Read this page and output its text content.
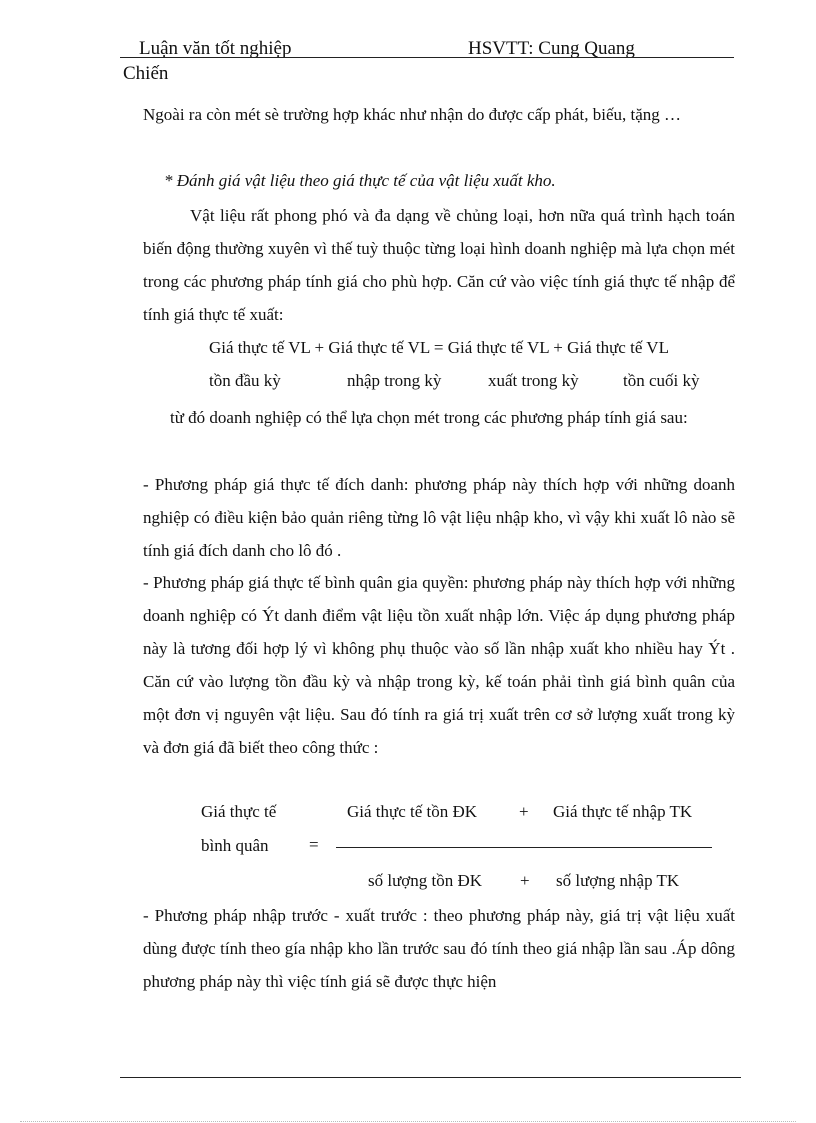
Luận văn tốt nghiệp	HSVTT: Cung Quang
Chiến

Ngoài ra còn mét sè trường hợp khác như nhận do được cấp phát, biếu, tặng …

* Đánh giá vật liệu theo giá thực tế của vật liệu xuất kho.

Vật liệu rất phong phó và đa dạng về chủng loại, hơn nữa quá trình hạch toán biến động thường xuyên vì thế tuỳ thuộc từng loại hình doanh nghiệp mà lựa chọn mét trong các phương pháp tính giá cho phù hợp. Căn cứ vào việc tính giá thực tế nhập để tính giá thực tế xuất:

Giá thực tế VL + Giá thực tế VL = Giá thực tế VL + Giá thực tế VL
tồn đầu kỳ	nhập trong kỳ	xuất trong kỳ	tồn cuối kỳ

từ đó doanh nghiệp có thể lựa chọn mét trong các phương pháp tính giá sau:

- Phương pháp giá thực tế đích danh: phương pháp này thích hợp với những doanh nghiệp có điều kiện bảo quản riêng từng lô vật liệu nhập kho, vì vậy khi xuất lô nào sẽ tính giá đích danh cho lô đó .

- Phương pháp giá thực tế bình quân gia quyền: phương pháp này thích hợp với những doanh nghiệp có Ýt danh điểm vật liệu tồn xuất nhập lớn. Việc áp dụng phương pháp này là tương đối hợp lý vì không phụ thuộc vào số lần nhập xuất kho nhiều hay Ýt . Căn cứ vào lượng tồn đầu kỳ và nhập trong kỳ, kế toán phải tình giá bình quân của một đơn vị nguyên vật liệu. Sau đó tính ra giá trị xuất trên cơ sở lượng xuất trong kỳ và đơn giá đã biết theo công thức :

Giá thực tế
bình quân =
Giá thực tế tồn ĐK + Giá thực tế nhập TK
số lượng tồn ĐK + số lượng nhập TK

- Phương pháp nhập trước - xuất trước : theo phương pháp này, giá trị vật liệu xuất dùng được tính theo gía nhập kho lần trước sau đó tính theo giá nhập lần sau .Áp dông phương pháp này thì việc tính giá sẽ được thực hiện
